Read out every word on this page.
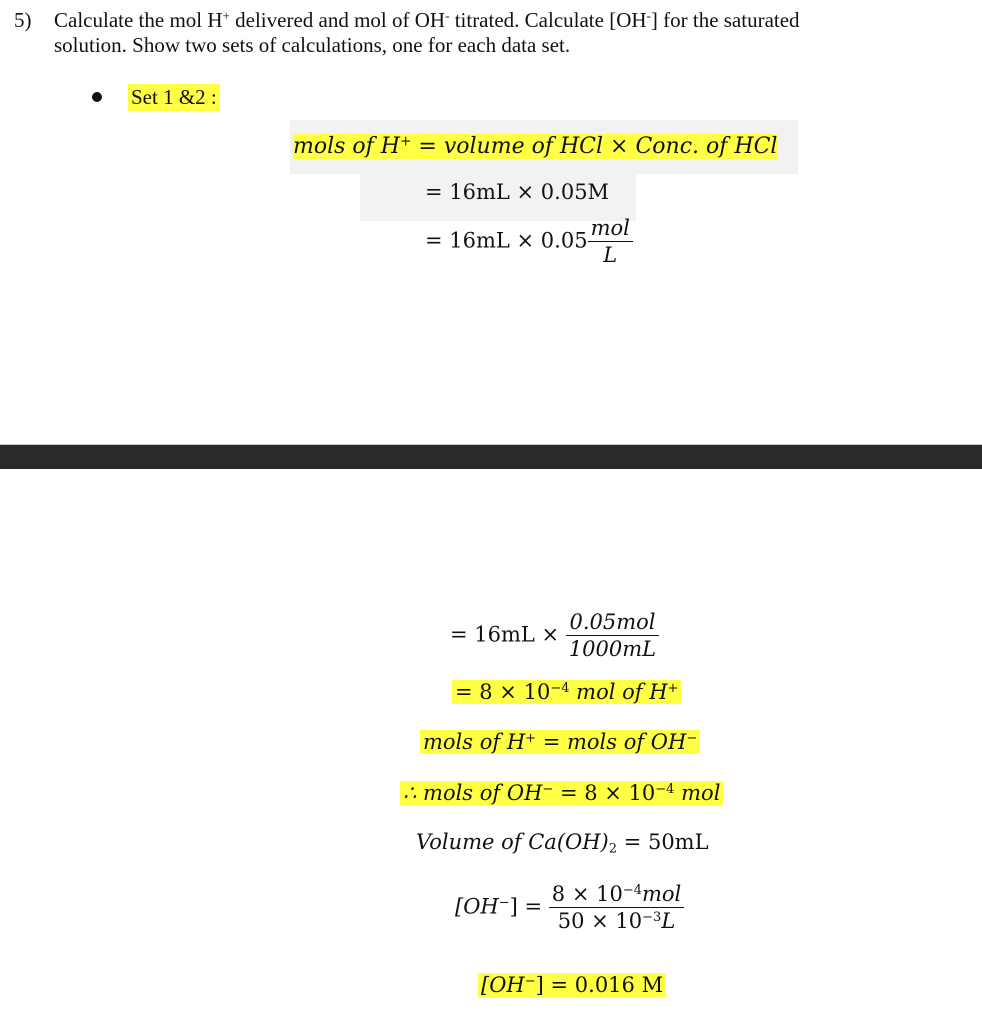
5) Calculate the mol H+ delivered and mol of OH- titrated. Calculate [OH-] for the saturated
solution. Show two sets of calculations, one for each data set.
Set 1 &2 :
mols of H+ = volume of HCl × Conc. of HCl
= 16mL × 0.05M
= $16mL \times 0.05 \frac{\text{mol}}{L}$
= $16mL \times \frac{\text{0.05mol}}{1000mL}$
= $8 \times 10^{-4}$ mol of H+
mols of H+ = mols of OH−
∴ mols of $OH^- = 8 \times 10^{-4}$ mol
Volume of $Ca(OH)_2 = 50mL$
$[OH^-] = \frac{8 \times 10^{-4}mol}{50 \times 10^{-3}L}$
[OH−] = 0.016 M
